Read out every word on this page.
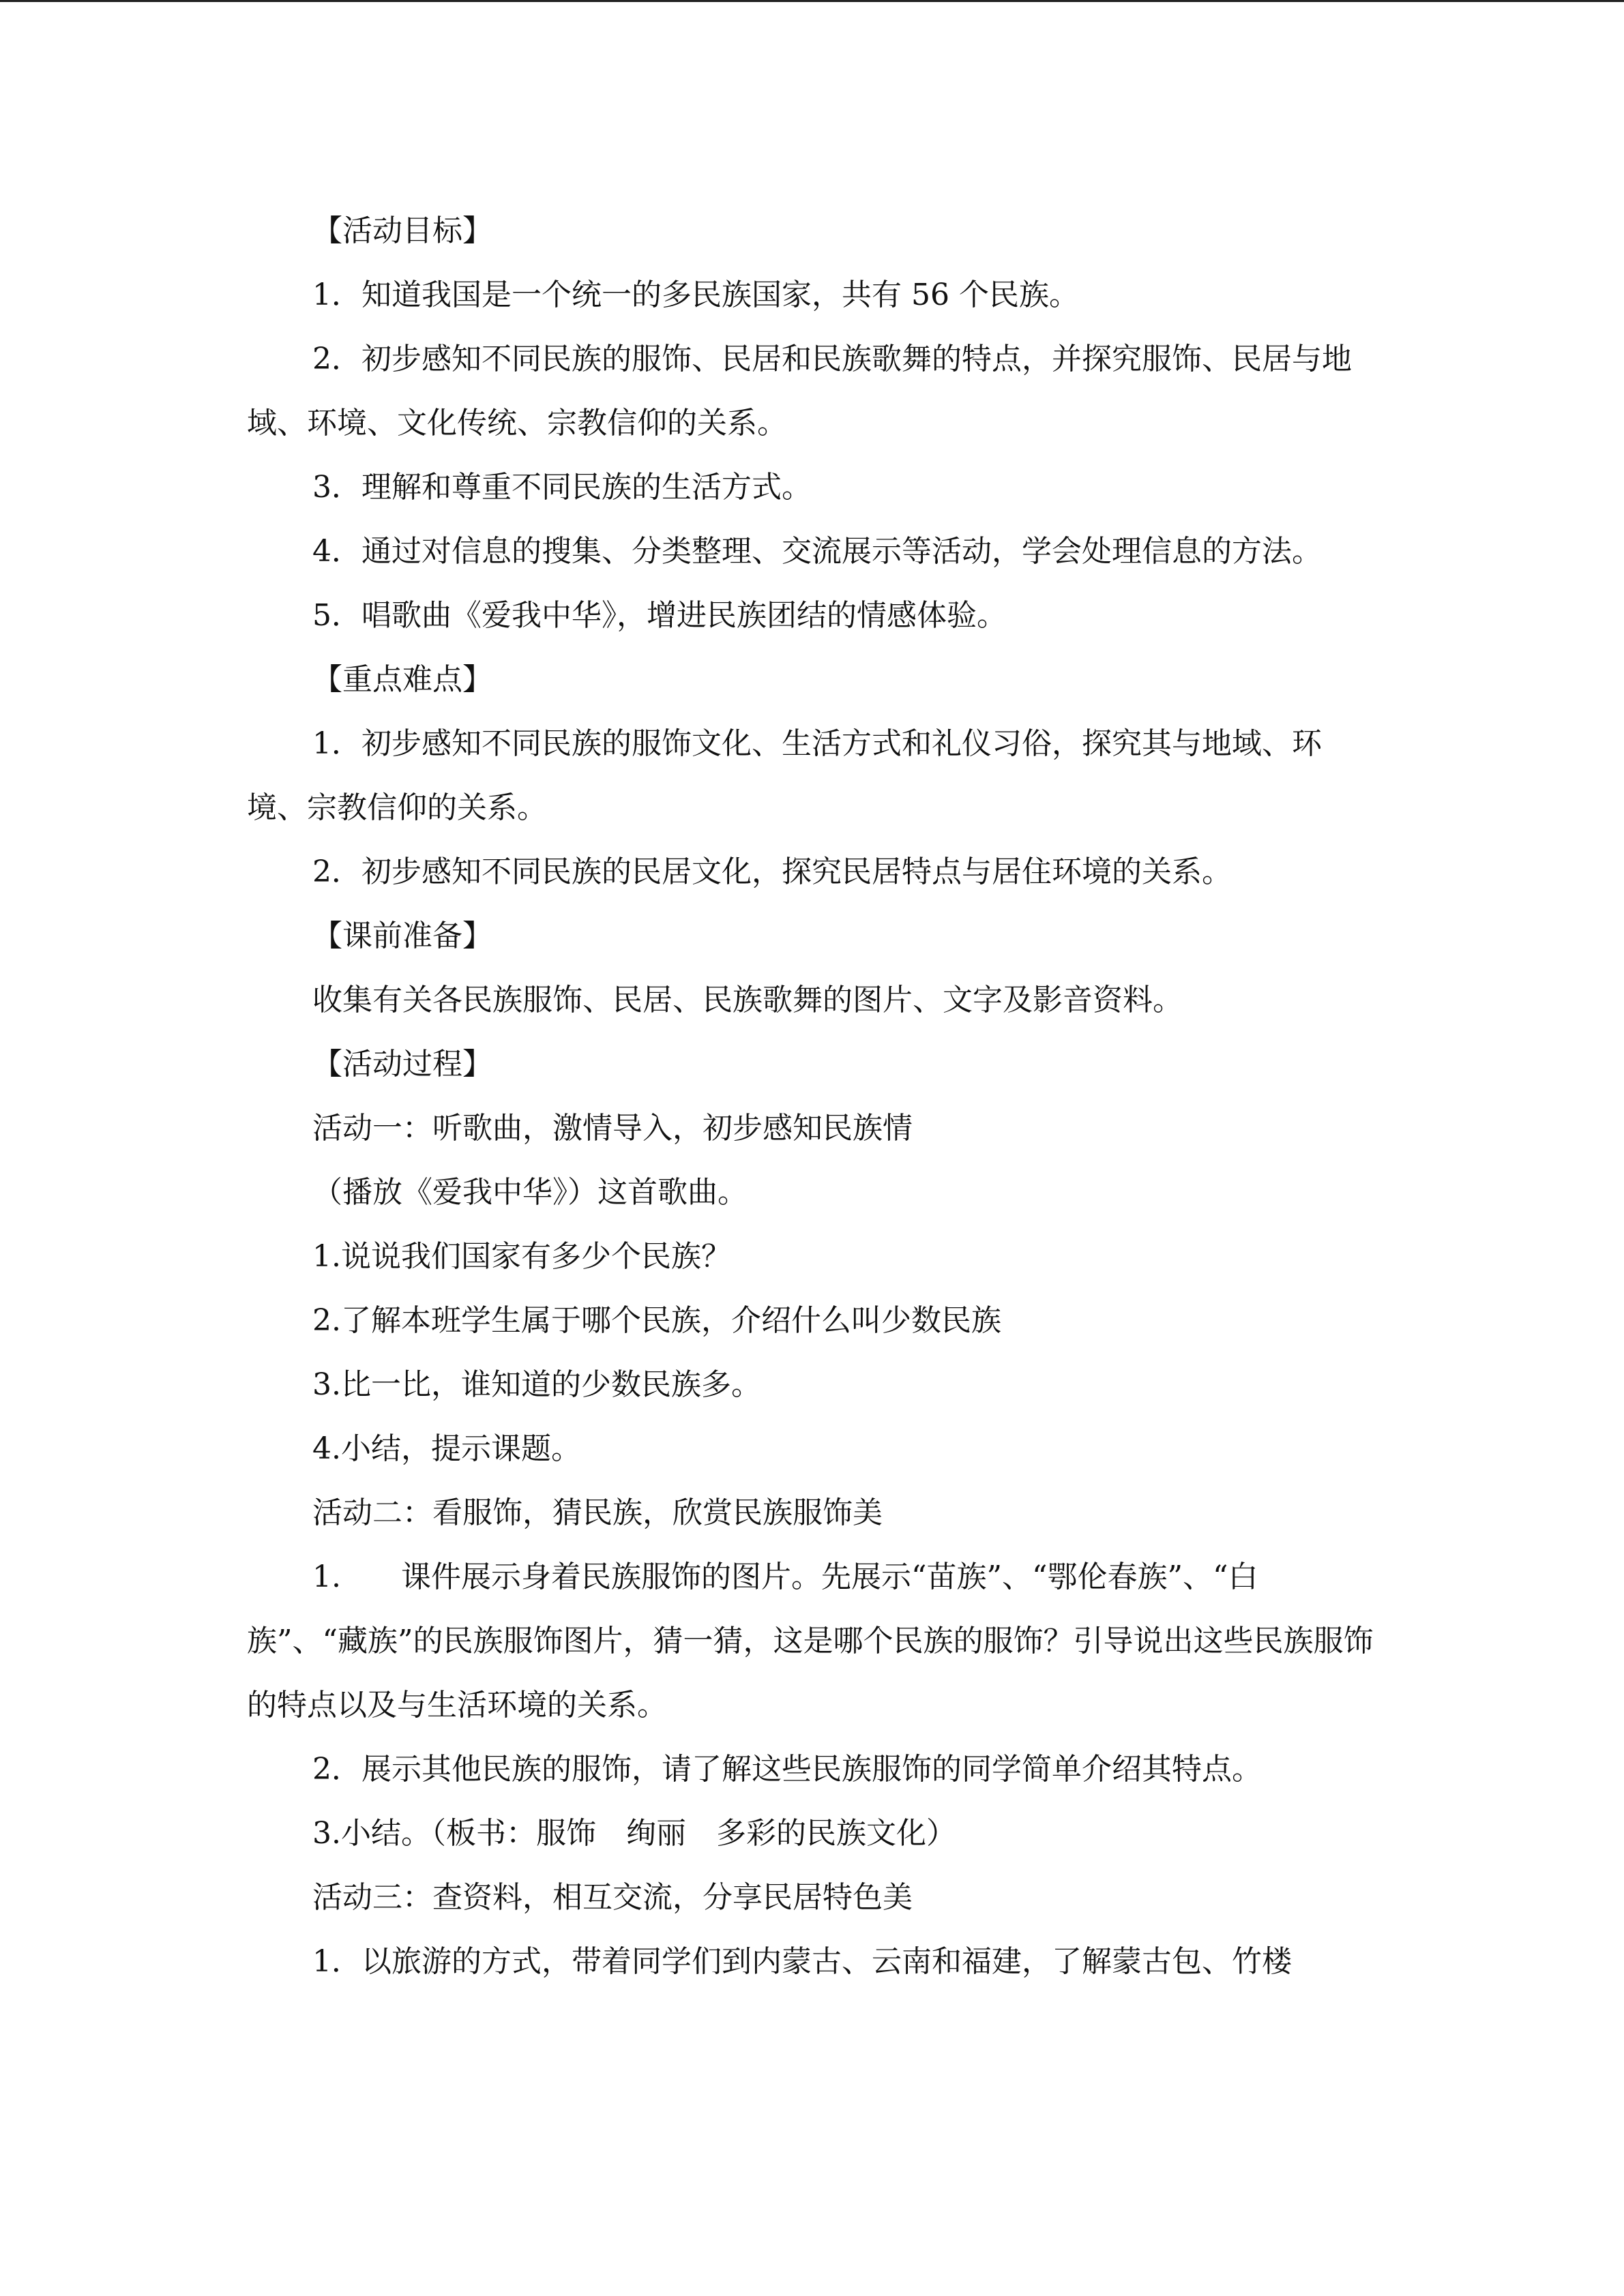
【活动目标】

1．知道我国是一个统一的多民族国家，共有 56 个民族。

2．初步感知不同民族的服饰、民居和民族歌舞的特点，并探究服饰、民居与地域、环境、文化传统、宗教信仰的关系。

3．理解和尊重不同民族的生活方式。

4．通过对信息的搜集、分类整理、交流展示等活动，学会处理信息的方法。

5．唱歌曲《爱我中华》，增进民族团结的情感体验。

【重点难点】

1．初步感知不同民族的服饰文化、生活方式和礼仪习俗，探究其与地域、环境、宗教信仰的关系。

2．初步感知不同民族的民居文化，探究民居特点与居住环境的关系。

【课前准备】

收集有关各民族服饰、民居、民族歌舞的图片、文字及影音资料。

【活动过程】

活动一：听歌曲，激情导入，初步感知民族情

（播放《爱我中华》）这首歌曲。

1.说说我们国家有多少个民族？

2.了解本班学生属于哪个民族，介绍什么叫少数民族

3.比一比，谁知道的少数民族多。

4.小结，提示课题。

活动二：看服饰，猜民族，欣赏民族服饰美

1.　　课件展示身着民族服饰的图片。先展示“苗族”、“鄂伦春族”、“白族”、“藏族”的民族服饰图片，猜一猜，这是哪个民族的服饰？引导说出这些民族服饰的特点以及与生活环境的关系。

2．展示其他民族的服饰，请了解这些民族服饰的同学简单介绍其特点。

3.小结。（板书：服饰　绚丽　多彩的民族文化）

活动三：查资料，相互交流，分享民居特色美

1．以旅游的方式，带着同学们到内蒙古、云南和福建，了解蒙古包、竹楼
